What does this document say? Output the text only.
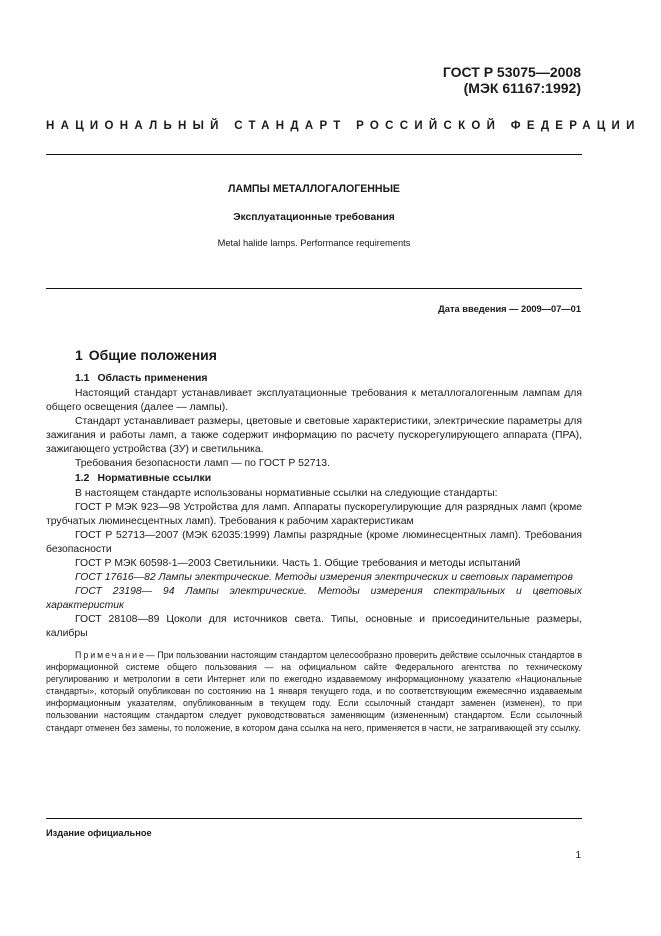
ГОСТ Р 53075—2008
(МЭК 61167:1992)
НАЦИОНАЛЬНЫЙ СТАНДАРТ РОССИЙСКОЙ ФЕДЕРАЦИИ
ЛАМПЫ МЕТАЛЛОГАЛОГЕННЫЕ
Эксплуатационные требования
Metal halide lamps. Performance requirements
Дата введения — 2009—07—01

1 Общие положения

1.1 Область применения

Настоящий стандарт устанавливает эксплуатационные требования к металлогалогенным лампам для общего освещения (далее — лампы).

Стандарт устанавливает размеры, цветовые и световые характеристики, электрические параметры для зажигания и работы ламп, а также содержит информацию по расчету пускорегулирующего аппарата (ПРА), зажигающего устройства (ЗУ) и светильника.

Требования безопасности ламп — по ГОСТ Р 52713.

1.2 Нормативные ссылки

В настоящем стандарте использованы нормативные ссылки на следующие стандарты:

ГОСТ Р МЭК 923—98 Устройства для ламп. Аппараты пускорегулирующие для разрядных ламп (кроме трубчатых люминесцентных ламп). Требования к рабочим характеристикам

ГОСТ Р 52713—2007 (МЭК 62035:1999) Лампы разрядные (кроме люминесцентных ламп). Требования безопасности

ГОСТ Р МЭК 60598-1—2003 Светильники. Часть 1. Общие требования и методы испытаний

ГОСТ 17616—82 Лампы электрические. Методы измерения электрических и световых параметров

ГОСТ 23198— 94 Лампы электрические. Методы измерения спектральных и цветовых характеристик

ГОСТ 28108—89 Цоколи для источников света. Типы, основные и присоединительные размеры, калибры

Примечание— При пользовании настоящим стандартом целесообразно проверить действие ссылочных стандартов в информационной системе общего пользования — на официальном сайте Федерального агентства по техническому регулированию и метрологии в сети Интернет или по ежегодно издаваемому информационному указателю «Национальные стандарты», который опубликован по состоянию на 1 января текущего года, и по соответствующим ежемесячно издаваемым информационным указателям, опубликованным в текущем году. Если ссылочный стандарт заменен (изменен), то при пользовании настоящим стандартом следует руководствоваться заменяющим (измененным) стандартом. Если ссылочный стандарт отменен без замены, то положение, в котором дана ссылка на него, применяется в части, не затрагивающей эту ссылку.

Издание официальное
1
